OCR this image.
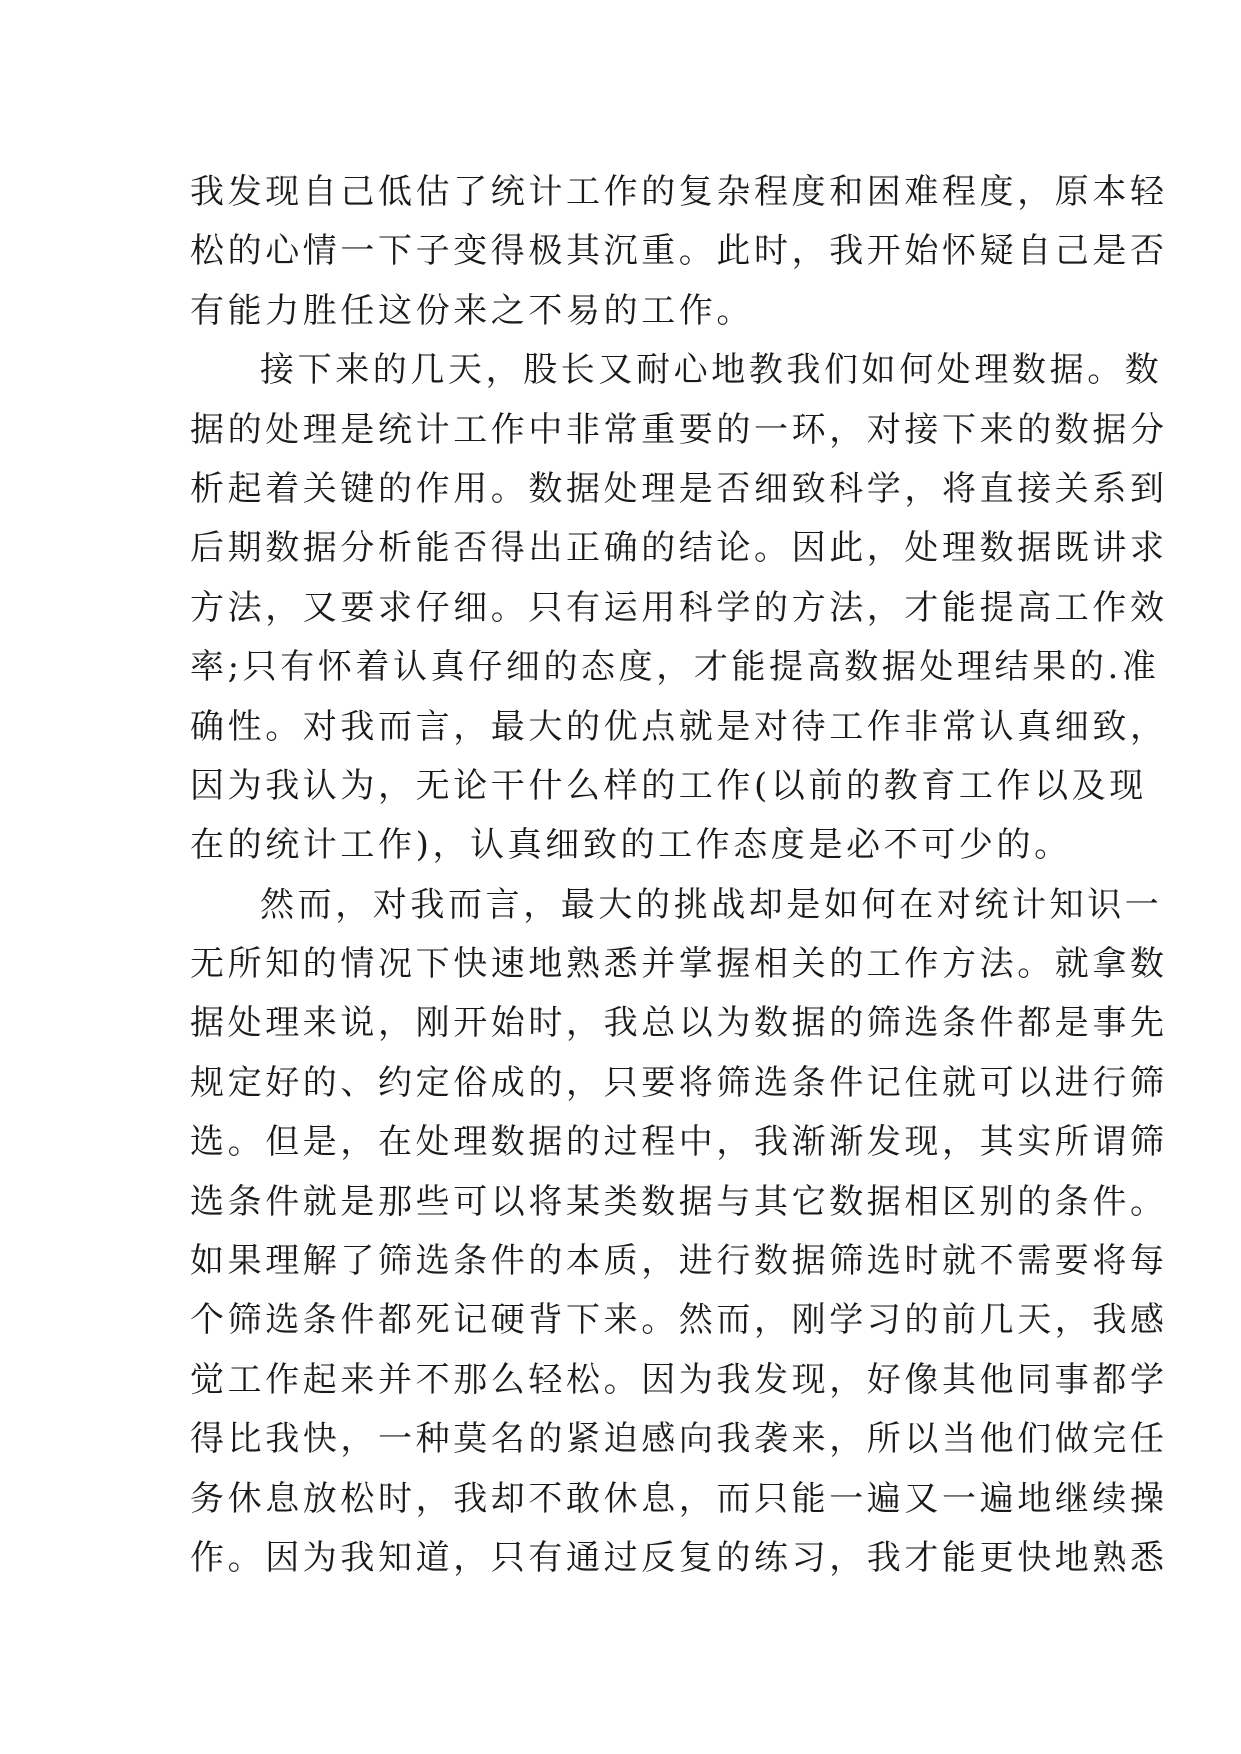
我发现自己低估了统计工作的复杂程度和困难程度，原本轻
松的心情一下子变得极其沉重。此时，我开始怀疑自己是否
有能力胜任这份来之不易的工作。
接下来的几天，股长又耐心地教我们如何处理数据。数
据的处理是统计工作中非常重要的一环，对接下来的数据分
析起着关键的作用。数据处理是否细致科学，将直接关系到
后期数据分析能否得出正确的结论。因此，处理数据既讲求
方法，又要求仔细。只有运用科学的方法，才能提高工作效
率;只有怀着认真仔细的态度，才能提高数据处理结果的.准
确性。对我而言，最大的优点就是对待工作非常认真细致，
因为我认为，无论干什么样的工作(以前的教育工作以及现
在的统计工作)，认真细致的工作态度是必不可少的。
然而，对我而言，最大的挑战却是如何在对统计知识一
无所知的情况下快速地熟悉并掌握相关的工作方法。就拿数
据处理来说，刚开始时，我总以为数据的筛选条件都是事先
规定好的、约定俗成的，只要将筛选条件记住就可以进行筛
选。但是，在处理数据的过程中，我渐渐发现，其实所谓筛
选条件就是那些可以将某类数据与其它数据相区别的条件。
如果理解了筛选条件的本质，进行数据筛选时就不需要将每
个筛选条件都死记硬背下来。然而，刚学习的前几天，我感
觉工作起来并不那么轻松。因为我发现，好像其他同事都学
得比我快，一种莫名的紧迫感向我袭来，所以当他们做完任
务休息放松时，我却不敢休息，而只能一遍又一遍地继续操
作。因为我知道，只有通过反复的练习，我才能更快地熟悉
